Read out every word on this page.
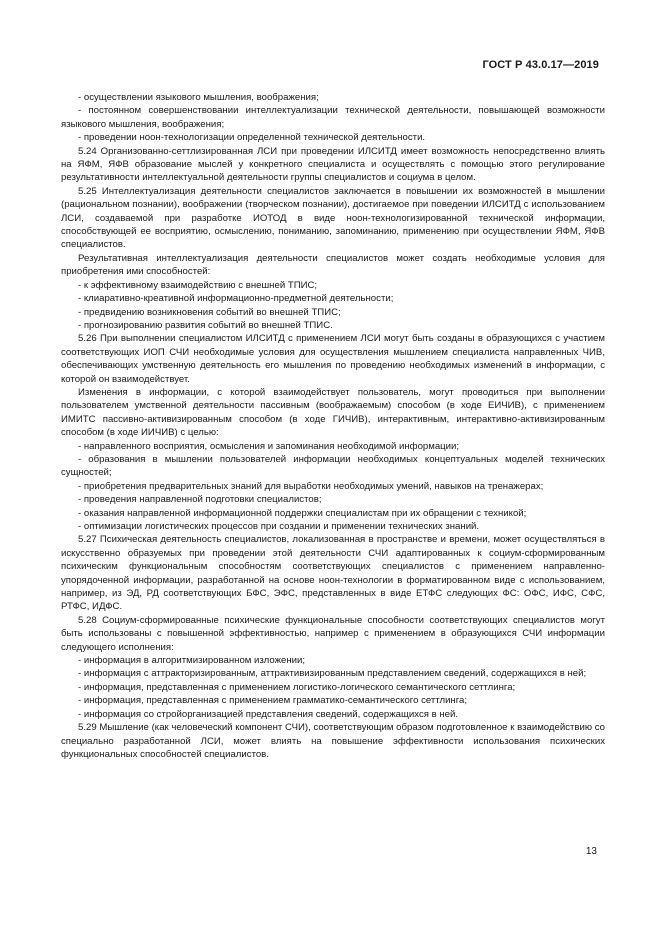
ГОСТ Р 43.0.17—2019

- осуществлении языкового мышления, воображения;

- постоянном совершенствовании интеллектуализации технической деятельности, повышающей возможности языкового мышления, воображения;

- проведении ноон-технологизации определенной технической деятельности.

5.24 Организованно-сеттлизированная ЛСИ при проведении ИЛСИТД имеет возможность непосредственно влиять на ЯФМ, ЯФВ образование мыслей у конкретного специалиста и осуществлять с помощью этого регулирование результативности интеллектуальной деятельности группы специалистов и социума в целом.

5.25 Интеллектуализация деятельности специалистов заключается в повышении их возможностей в мышлении (рациональном познании), воображении (творческом познании), достигаемое при поведении ИЛСИТД с использованием ЛСИ, создаваемой при разработке ИОТОД в виде ноон-технологизированной технической информации, способствующей ее восприятию, осмыслению, пониманию, запоминанию, применению при осуществлении ЯФМ, ЯФВ специалистов.

Результативная интеллектуализация деятельности специалистов может создать необходимые условия для приобретения ими способностей:

- к эффективному взаимодействию с внешней ТПИС;

- клиаративно-креативной информационно-предметной деятельности;

- предвидению возникновения событий во внешней ТПИС;

- прогнозированию развития событий во внешней ТПИС.

5.26 При выполнении специалистом ИЛСИТД с применением ЛСИ могут быть созданы в образующихся с участием соответствующих ИОП СЧИ необходимые условия для осуществления мышлением специалиста направленных ЧИВ, обеспечивающих умственную деятельность его мышления по проведению необходимых изменений в информации, с которой он взаимодействует.

Изменения в информации, с которой взаимодействует пользователь, могут проводиться при выполнении пользователем умственной деятельности пассивным (воображаемым) способом (в ходе ЕИЧИВ), с применением ИМИТС пассивно-активизированным способом (в ходе ГИЧИВ), интерактивным, интерактивно-активизированным способом (в ходе ИИЧИВ) с целью:

- направленного восприятия, осмысления и запоминания необходимой информации;

- образования в мышлении пользователей информации необходимых концептуальных моделей технических сущностей;

- приобретения предварительных знаний для выработки необходимых умений, навыков на тренажерах;

- проведения направленной подготовки специалистов;

- оказания направленной информационной поддержки специалистам при их обращении с техникой;

- оптимизации логистических процессов при создании и применении технических знаний.

5.27 Психическая деятельность специалистов, локализованная в пространстве и времени, может осуществляться в искусственно образуемых при проведении этой деятельности СЧИ адаптированных к социум-сформированным психическим функциональным способностям соответствующих специалистов с применением направленно-упорядоченной информации, разработанной на основе ноон-технологии в форматированном виде с использованием, например, из ЭД, РД соответствующих БФС, ЭФС, представленных в виде ЕТФС следующих ФС: ОФС, ИФС, СФС, РТФС, ИДФС.

5.28 Социум-сформированные психические функциональные способности соответствующих специалистов могут быть использованы с повышенной эффективностью, например с применением в образующихся СЧИ информации следующего исполнения:

- информация в алгоритмизированном изложении;

- информация с аттракторизированным, аттрактивизированным представлением сведений, содержащихся в ней;

- информация, представленная с применением логистико-логического семантического сеттлинга;

- информация, представленная с применением грамматико-семантического сеттлинга;

- информация со стройорганизацией представления сведений, содержащихся в ней.

5.29 Мышление (как человеческий компонент СЧИ), соответствующим образом подготовленное к взаимодействию со специально разработанной ЛСИ, может влиять на повышение эффективности использования психических функциональных способностей специалистов.

13
